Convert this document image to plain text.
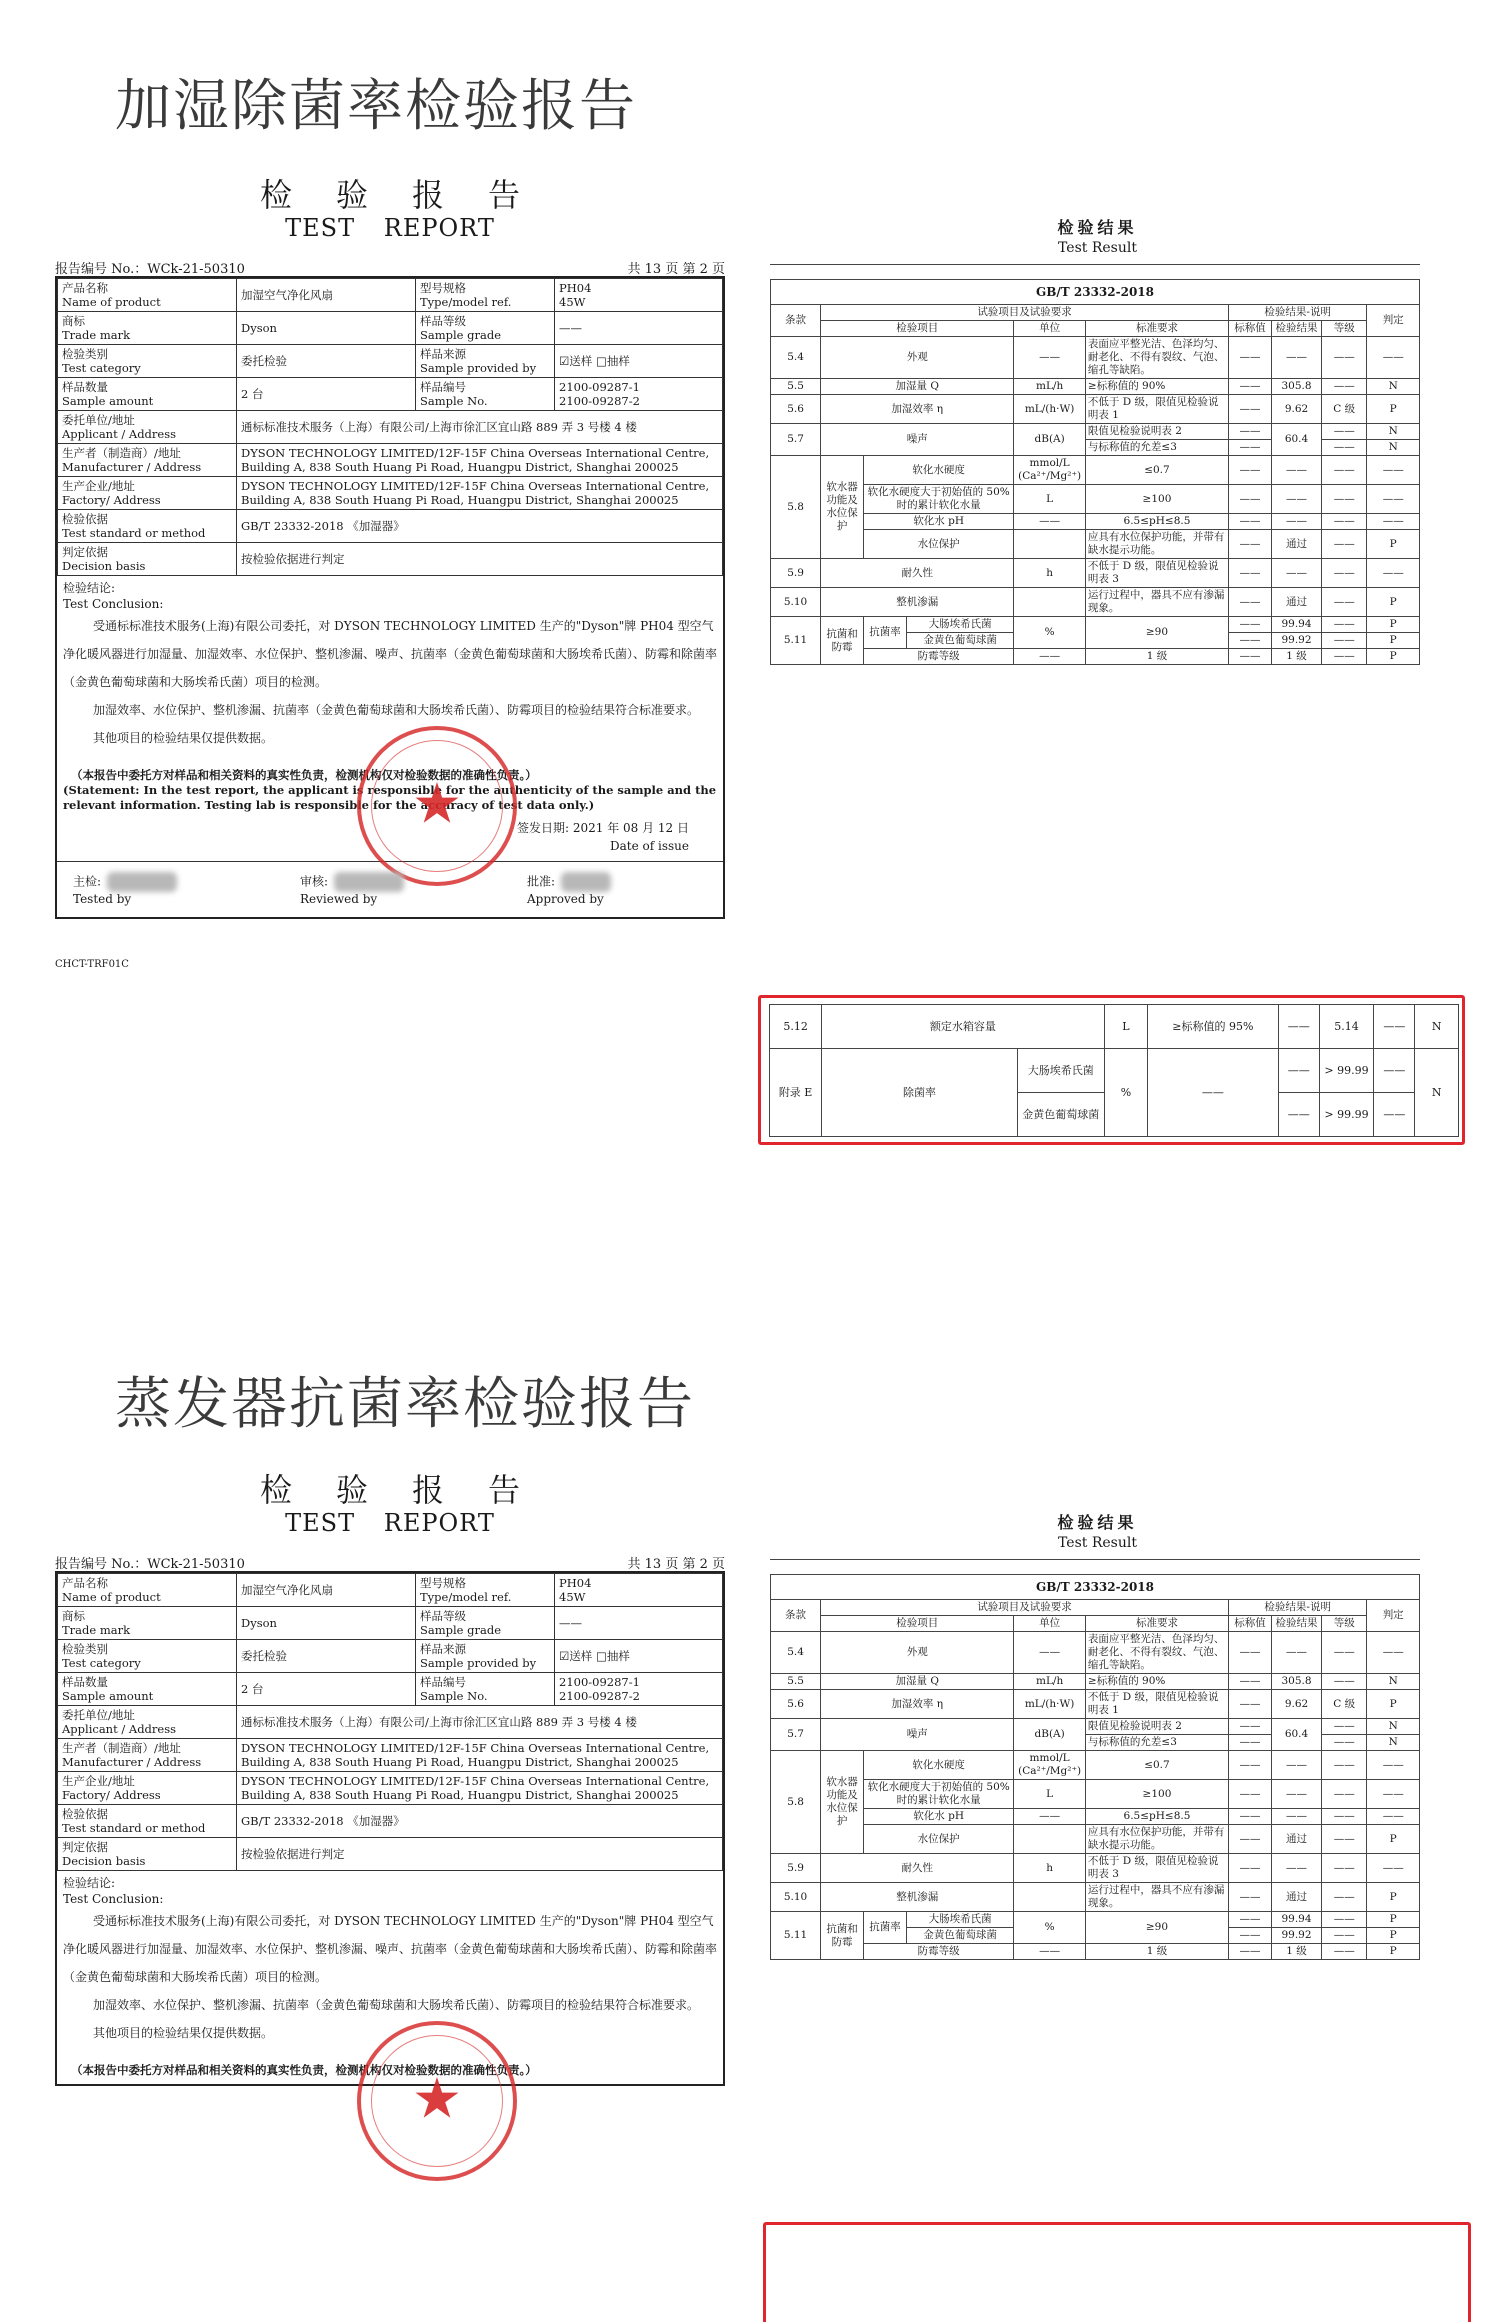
加湿除菌率检验报告
检验报告
TEST REPORT
报告编号 No.：WCk-21-50310	共 13 页 第 2 页
产品名称
Name of product	加湿空气净化风扇	型号规格
Type/model ref.	PH04
45W
商标
Trade mark	Dyson	样品等级
Sample grade	——
检验类别
Test category	委托检验	样品来源
Sample provided by	☑送样 □抽样
样品数量
Sample amount	2 台	样品编号
Sample No.	2100-09287-1
2100-09287-2
委托单位/地址
Applicant / Address	通标标准技术服务（上海）有限公司/上海市徐汇区宜山路 889 弄 3 号楼 4 楼		
生产者（制造商）/地址
Manufacturer / Address	DYSON TECHNOLOGY LIMITED/12F-15F China Overseas International Centre, Building A, 838 South Huang Pi Road, Huangpu District, Shanghai 200025		
生产企业/地址
Factory/ Address	DYSON TECHNOLOGY LIMITED/12F-15F China Overseas International Centre, Building A, 838 South Huang Pi Road, Huangpu District, Shanghai 200025		
检验依据
Test standard or method	GB/T 23332-2018 《加湿器》		
判定依据
Decision basis	按检验依据进行判定		
检验结论:
Test Conclusion:

受通标标准技术服务(上海)有限公司委托，对 DYSON TECHNOLOGY LIMITED 生产的"Dyson"牌 PH04 型空气净化暖风器进行加湿量、加湿效率、水位保护、整机渗漏、噪声、抗菌率（金黄色葡萄球菌和大肠埃希氏菌）、防霉和除菌率（金黄色葡萄球菌和大肠埃希氏菌）项目的检测。

加湿效率、水位保护、整机渗漏、抗菌率（金黄色葡萄球菌和大肠埃希氏菌）、防霉项目的检验结果符合标准要求。

其他项目的检验结果仅提供数据。

（本报告中委托方对样品和相关资料的真实性负责，检测机构仅对检验数据的准确性负责。）
(Statement: In the test report, the applicant is responsible for the authenticity of the sample and the relevant information. Testing lab is responsible for the accuracy of test data only.)
签发日期: 2021 年 08 月 12 日
Date of issue
★
主检:
Tested by
审核:
Reviewed by
批准:
Approved by
CHCT-TRF01C
检验结果
Test Result
GB/T 23332-2018									
条款	试验项目及试验要求					检验结果-说明			判定
	检验项目			单位	标准要求	标称值	检验结果	等级	
5.4	外观			——	表面应平整光洁、色泽均匀、耐老化、不得有裂纹、气泡、缩孔等缺陷。	——	——	——	——
5.5	加湿量 Q			mL/h	≥标称值的 90%	——	305.8	——	N
5.6	加湿效率 η			mL/(h·W)	不低于 D 级，限值见检验说明表 1	——	9.62	C 级	P
5.7	噪声			dB(A)	限值见检验说明表 2	——	60.4	——	N
					与标称值的允差≤3	——		——	N
5.8	软水器功能及水位保护	软化水硬度		mmol/L (Ca²⁺/Mg²⁺)	≤0.7	——	——	——	——
		软化水硬度大于初始值的 50%时的累计软化水量		L	≥100	——	——	——	——
		软化水 pH		——	6.5≤pH≤8.5	——	——	——	——
		水位保护			应具有水位保护功能，并带有缺水提示功能。	——	通过	——	P
5.9	耐久性			h	不低于 D 级，限值见检验说明表 3	——	——	——	——
5.10	整机渗漏				运行过程中，器具不应有渗漏现象。	——	通过	——	P
5.11	抗菌和防霉	抗菌率	大肠埃希氏菌	%	≥90	——	99.94	——	P
			金黄色葡萄球菌			——	99.92	——	P
		防霉等级		——	1 级	——	1 级	——	P
5.12	额定水箱容量		L	≥标称值的 95%	——	5.14	——	N
附录 E	除菌率	大肠埃希氏菌	%	——	——	> 99.99	——	N
		金黄色葡萄球菌			——	> 99.99	——	
蒸发器抗菌率检验报告
检验报告
TEST REPORT
报告编号 No.：WCk-21-50310	共 13 页 第 2 页
产品名称
Name of product	加湿空气净化风扇	型号规格
Type/model ref.	PH04
45W
商标
Trade mark	Dyson	样品等级
Sample grade	——
检验类别
Test category	委托检验	样品来源
Sample provided by	☑送样 □抽样
样品数量
Sample amount	2 台	样品编号
Sample No.	2100-09287-1
2100-09287-2
委托单位/地址
Applicant / Address	通标标准技术服务（上海）有限公司/上海市徐汇区宜山路 889 弄 3 号楼 4 楼		
生产者（制造商）/地址
Manufacturer / Address	DYSON TECHNOLOGY LIMITED/12F-15F China Overseas International Centre, Building A, 838 South Huang Pi Road, Huangpu District, Shanghai 200025		
生产企业/地址
Factory/ Address	DYSON TECHNOLOGY LIMITED/12F-15F China Overseas International Centre, Building A, 838 South Huang Pi Road, Huangpu District, Shanghai 200025		
检验依据
Test standard or method	GB/T 23332-2018 《加湿器》		
判定依据
Decision basis	按检验依据进行判定		
检验结论:
Test Conclusion:

受通标标准技术服务(上海)有限公司委托，对 DYSON TECHNOLOGY LIMITED 生产的"Dyson"牌 PH04 型空气净化暖风器进行加湿量、加湿效率、水位保护、整机渗漏、噪声、抗菌率（金黄色葡萄球菌和大肠埃希氏菌）、防霉和除菌率（金黄色葡萄球菌和大肠埃希氏菌）项目的检测。

加湿效率、水位保护、整机渗漏、抗菌率（金黄色葡萄球菌和大肠埃希氏菌）、防霉项目的检验结果符合标准要求。

其他项目的检验结果仅提供数据。

（本报告中委托方对样品和相关资料的真实性负责，检测机构仅对检验数据的准确性负责。）
★
检验结果
Test Result
GB/T 23332-2018									
条款	试验项目及试验要求					检验结果-说明			判定
	检验项目			单位	标准要求	标称值	检验结果	等级	
5.4	外观			——	表面应平整光洁、色泽均匀、耐老化、不得有裂纹、气泡、缩孔等缺陷。	——	——	——	——
5.5	加湿量 Q			mL/h	≥标称值的 90%	——	305.8	——	N
5.6	加湿效率 η			mL/(h·W)	不低于 D 级，限值见检验说明表 1	——	9.62	C 级	P
5.7	噪声			dB(A)	限值见检验说明表 2	——	60.4	——	N
					与标称值的允差≤3	——		——	N
5.8	软水器功能及水位保护	软化水硬度		mmol/L (Ca²⁺/Mg²⁺)	≤0.7	——	——	——	——
		软化水硬度大于初始值的 50%时的累计软化水量		L	≥100	——	——	——	——
		软化水 pH		——	6.5≤pH≤8.5	——	——	——	——
		水位保护			应具有水位保护功能，并带有缺水提示功能。	——	通过	——	P
5.9	耐久性			h	不低于 D 级，限值见检验说明表 3	——	——	——	——
5.10	整机渗漏				运行过程中，器具不应有渗漏现象。	——	通过	——	P
5.11	抗菌和防霉	抗菌率	大肠埃希氏菌	%	≥90	——	99.94	——	P
			金黄色葡萄球菌			——	99.92	——	P
		防霉等级		——	1 级	——	1 级	——	P
